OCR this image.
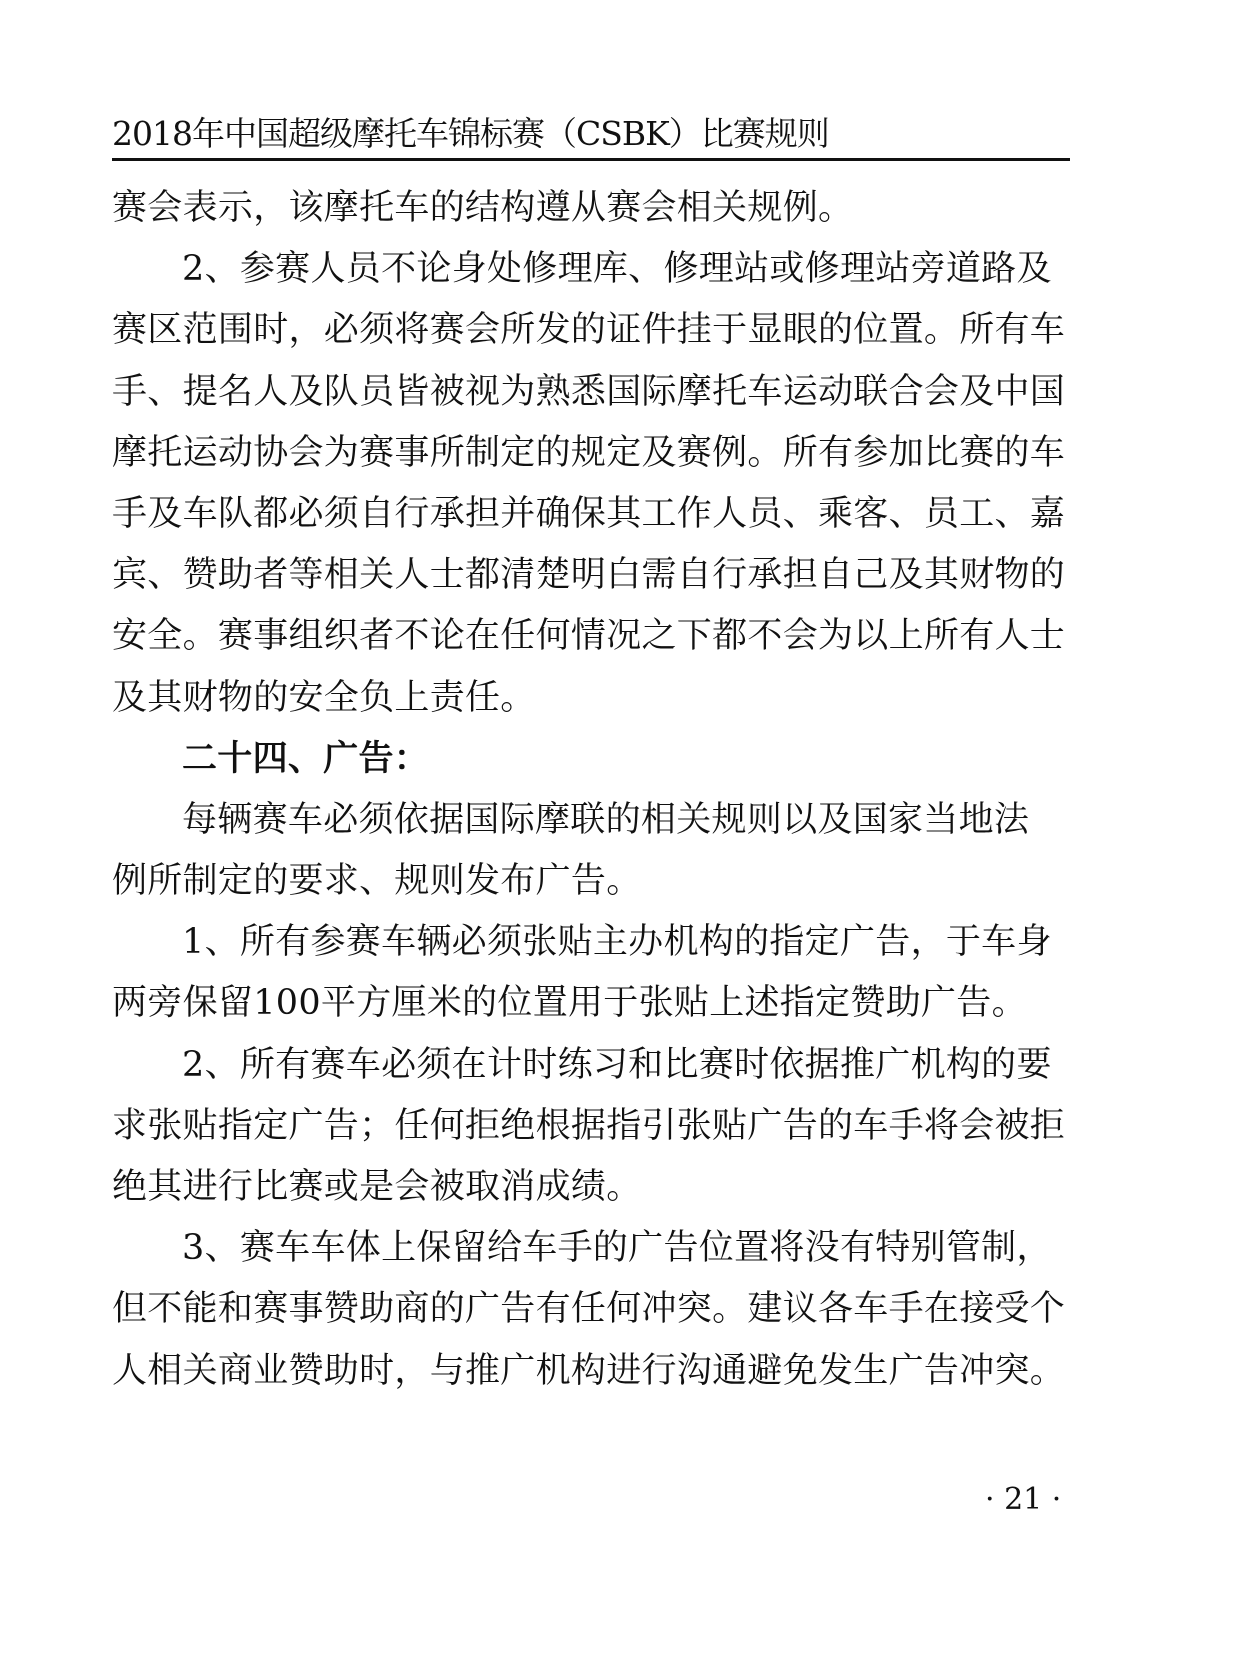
2018年中国超级摩托车锦标赛（CSBK）比赛规则
赛会表示，该摩托车的结构遵从赛会相关规例。
2、参赛人员不论身处修理库、修理站或修理站旁道路及
赛区范围时，必须将赛会所发的证件挂于显眼的位置。所有车
手、提名人及队员皆被视为熟悉国际摩托车运动联合会及中国
摩托运动协会为赛事所制定的规定及赛例。所有参加比赛的车
手及车队都必须自行承担并确保其工作人员、乘客、员工、嘉
宾、赞助者等相关人士都清楚明白需自行承担自己及其财物的
安全。赛事组织者不论在任何情况之下都不会为以上所有人士
及其财物的安全负上责任。
二十四、广告：
每辆赛车必须依据国际摩联的相关规则以及国家当地法
例所制定的要求、规则发布广告。
1、所有参赛车辆必须张贴主办机构的指定广告，于车身
两旁保留100平方厘米的位置用于张贴上述指定赞助广告。
2、所有赛车必须在计时练习和比赛时依据推广机构的要
求张贴指定广告；任何拒绝根据指引张贴广告的车手将会被拒
绝其进行比赛或是会被取消成绩。
3、赛车车体上保留给车手的广告位置将没有特别管制，
但不能和赛事赞助商的广告有任何冲突。建议各车手在接受个
人相关商业赞助时，与推广机构进行沟通避免发生广告冲突。
· 21 ·
